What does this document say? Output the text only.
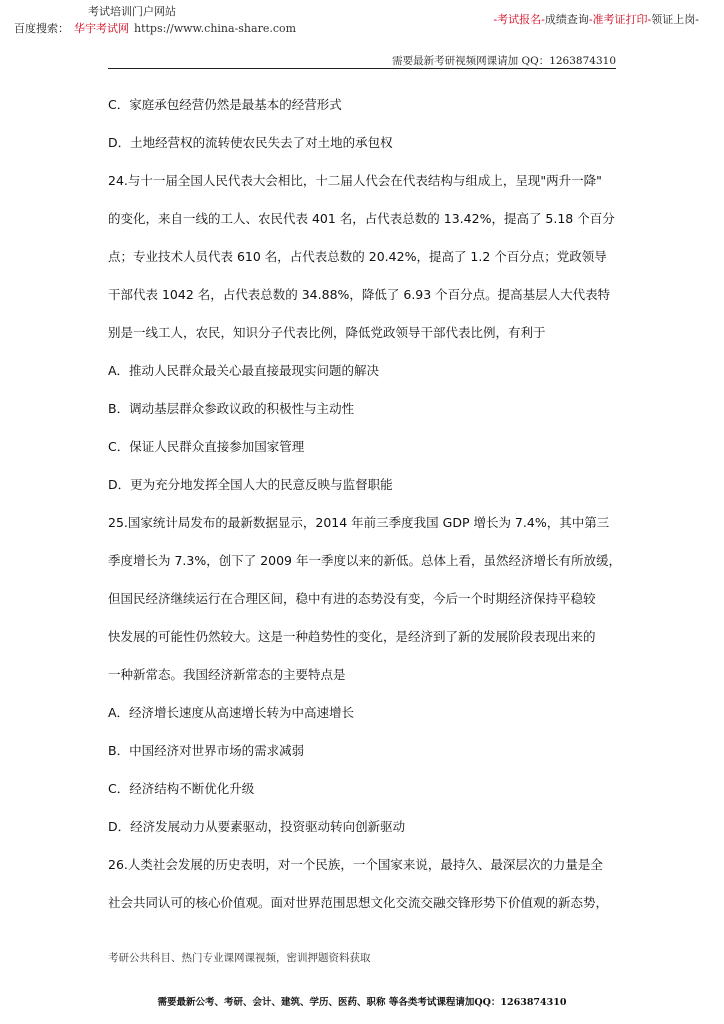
考试培训门户网站
百度搜索： 华宇考试网 https://www.china-share.com
-考试报名-成绩查询-准考证打印-领证上岗-
需要最新考研视频网课请加 QQ：1263874310
C．家庭承包经营仍然是最基本的经营形式
D．土地经营权的流转使农民失去了对土地的承包权
24.与十一届全国人民代表大会相比，十二届人代会在代表结构与组成上，呈现"两升一降"
的变化，来自一线的工人、农民代表 401 名，占代表总数的 13.42%，提高了 5.18 个百分
点；专业技术人员代表 610 名，占代表总数的 20.42%，提高了 1.2 个百分点；党政领导
干部代表 1042 名，占代表总数的 34.88%，降低了 6.93 个百分点。提高基层人大代表特
别是一线工人，农民，知识分子代表比例，降低党政领导干部代表比例，有利于
A．推动人民群众最关心最直接最现实问题的解决
B．调动基层群众参政议政的积极性与主动性
C．保证人民群众直接参加国家管理
D．更为充分地发挥全国人大的民意反映与监督职能
25.国家统计局发布的最新数据显示，2014 年前三季度我国 GDP 增长为 7.4%，其中第三
季度增长为 7.3%，创下了 2009 年一季度以来的新低。总体上看，虽然经济增长有所放缓，
但国民经济继续运行在合理区间，稳中有进的态势没有变，今后一个时期经济保持平稳较
快发展的可能性仍然较大。这是一种趋势性的变化，是经济到了新的发展阶段表现出来的
一种新常态。我国经济新常态的主要特点是
A．经济增长速度从高速增长转为中高速增长
B．中国经济对世界市场的需求减弱
C．经济结构不断优化升级
D．经济发展动力从要素驱动，投资驱动转向创新驱动
26.人类社会发展的历史表明，对一个民族，一个国家来说，最持久、最深层次的力量是全
社会共同认可的核心价值观。面对世界范围思想文化交流交融交锋形势下价值观的新态势，
考研公共科目、热门专业课网课视频，密训押题资料获取
需要最新公考、考研、会计、建筑、学历、医药、职称 等各类考试课程请加QQ：1263874310
